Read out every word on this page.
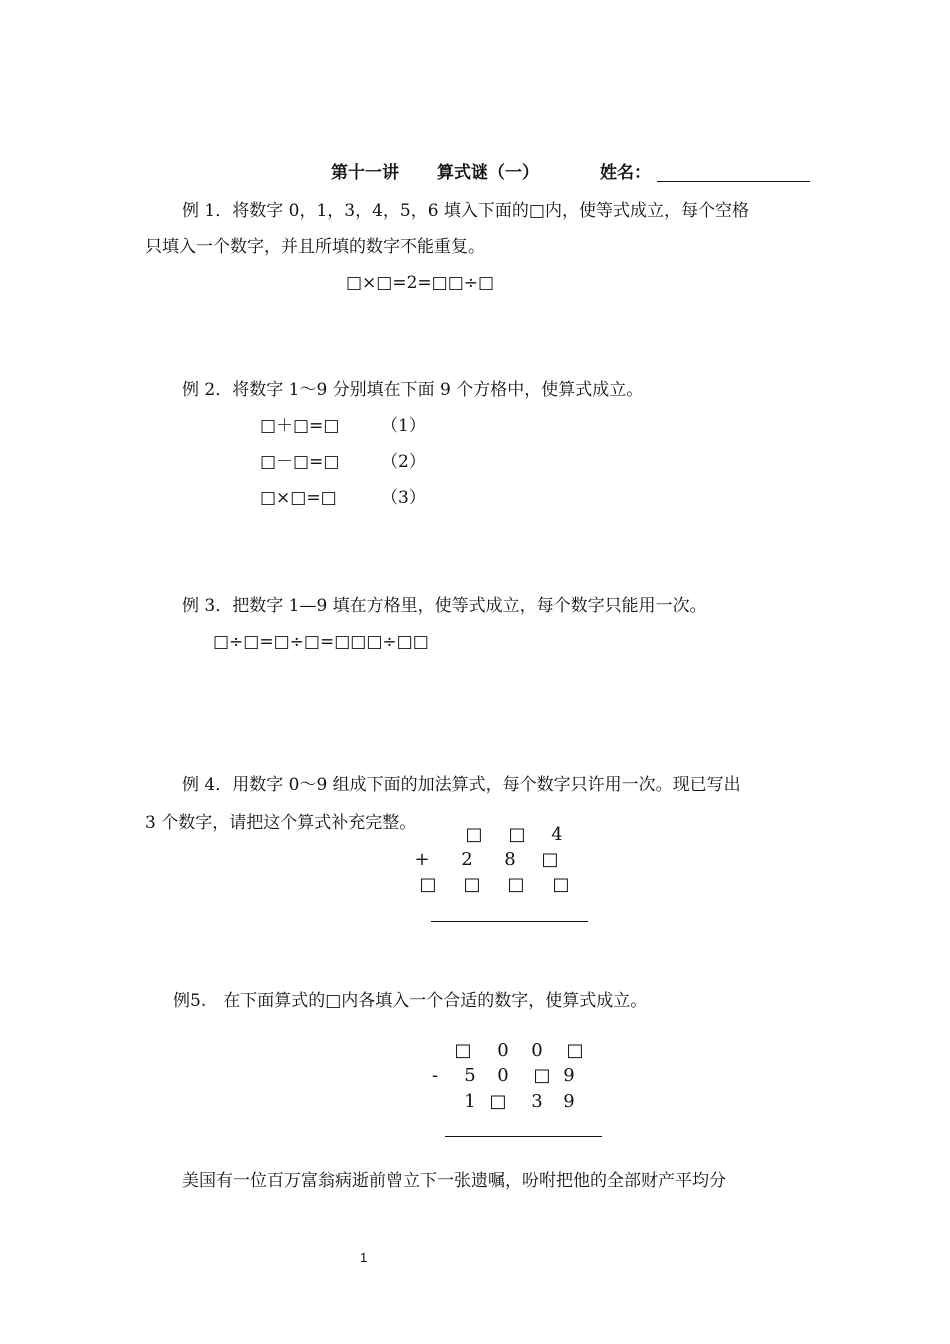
第十一讲 算式谜（一）	姓名：
例 1．将数字 0，1，3，4，5，6 填入下面的□内，使等式成立，每个空格
只填入一个数字，并且所填的数字不能重复。
□×□=2=□□÷□
例 2．将数字 1～9 分别填在下面 9 个方格中，使算式成立。
□＋□=□ （1）
□－□=□ （2）
□×□=□	（3）
例 3．把数字 1—9 填在方格里，使等式成立，每个数字只能用一次。
□÷□=□÷□=□□□÷□□
例 4．用数字 0～9 组成下面的加法算式，每个数字只许用一次。现已写出
3 个数字，请把这个算式补充完整。
□ □	4
+	2	8	□
□ □ □ □
例5.　在下面算式的□内各填入一个合适的数字，使算式成立。
□	0	0	□
-	5	0	□ 9
1 □	3	9
美国有一位百万富翁病逝前曾立下一张遗嘱，吩咐把他的全部财产平均分
1
